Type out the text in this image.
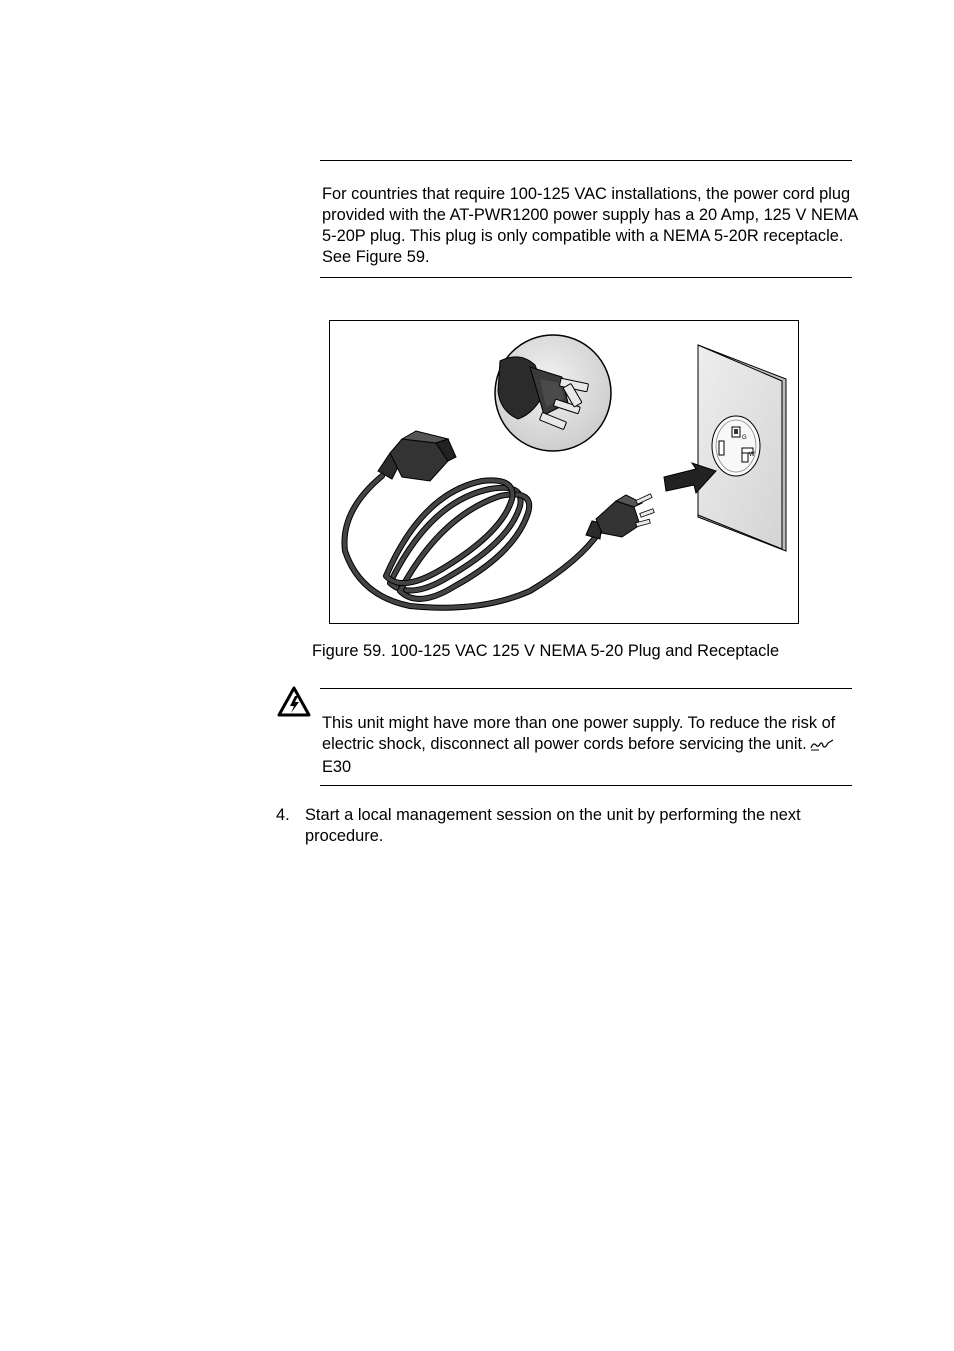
For countries that require 100-125 VAC installations, the power cord plug provided with the AT-PWR1200 power supply has a 20 Amp, 125 V NEMA 5-20P plug. This plug is only compatible with a NEMA 5-20R receptacle. See Figure 59.

G
W
Figure 59. 100-125 VAC 125 V NEMA 5-20 Plug and Receptacle

This unit might have more than one power supply. To reduce the risk of electric shock, disconnect all power cords before servicing the unit.E30

4. Start a local management session on the unit by performing the next procedure.
